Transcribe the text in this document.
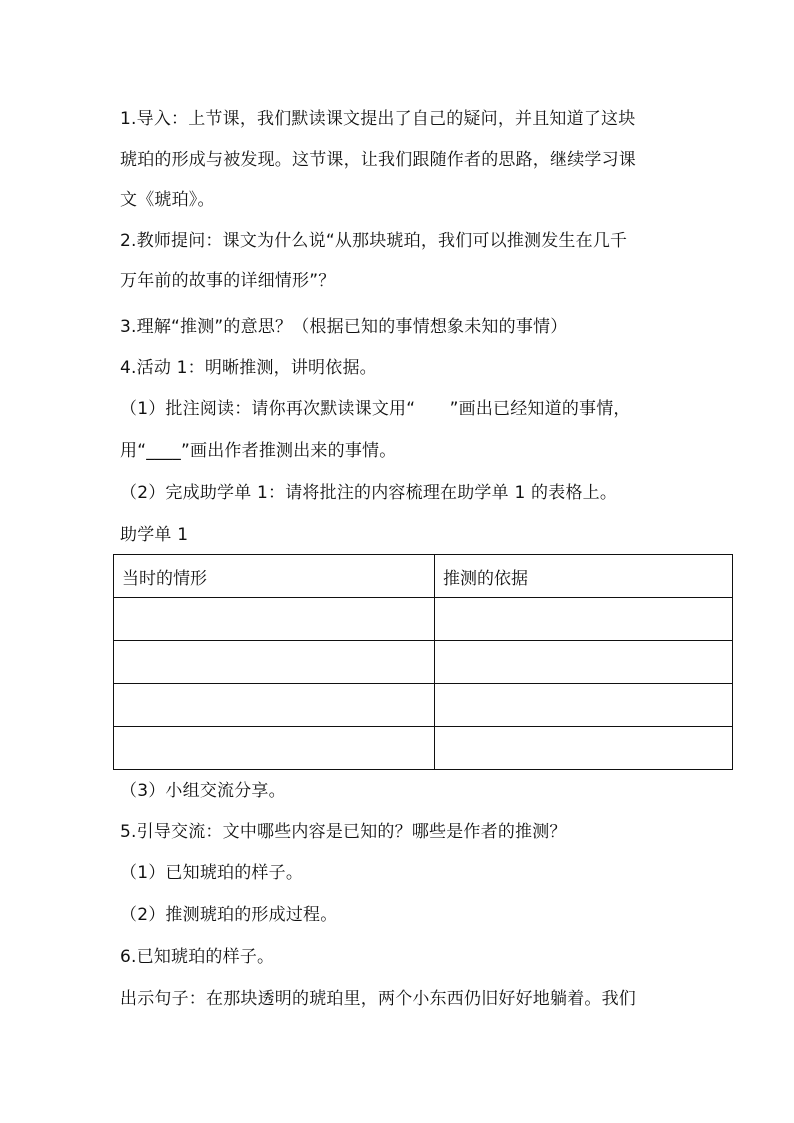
1.导入：上节课，我们默读课文提出了自己的疑问，并且知道了这块
琥珀的形成与被发现。这节课，让我们跟随作者的思路，继续学习课
文《琥珀》。
2.教师提问：课文为什么说“从那块琥珀，我们可以推测发生在几千
万年前的故事的详细情形”？
3.理解“推测”的意思？（根据已知的事情想象未知的事情）
4.活动 1：明晰推测，讲明依据。
（1）批注阅读：请你再次默读课文用“　　”画出已经知道的事情，
用“____”画出作者推测出来的事情。
（2）完成助学单 1：请将批注的内容梳理在助学单 1 的表格上。
助学单 1
当时的情形	推测的依据

（3）小组交流分享。
5.引导交流：文中哪些内容是已知的？哪些是作者的推测？
（1）已知琥珀的样子。
（2）推测琥珀的形成过程。
6.已知琥珀的样子。
出示句子：在那块透明的琥珀里，两个小东西仍旧好好地躺着。我们
